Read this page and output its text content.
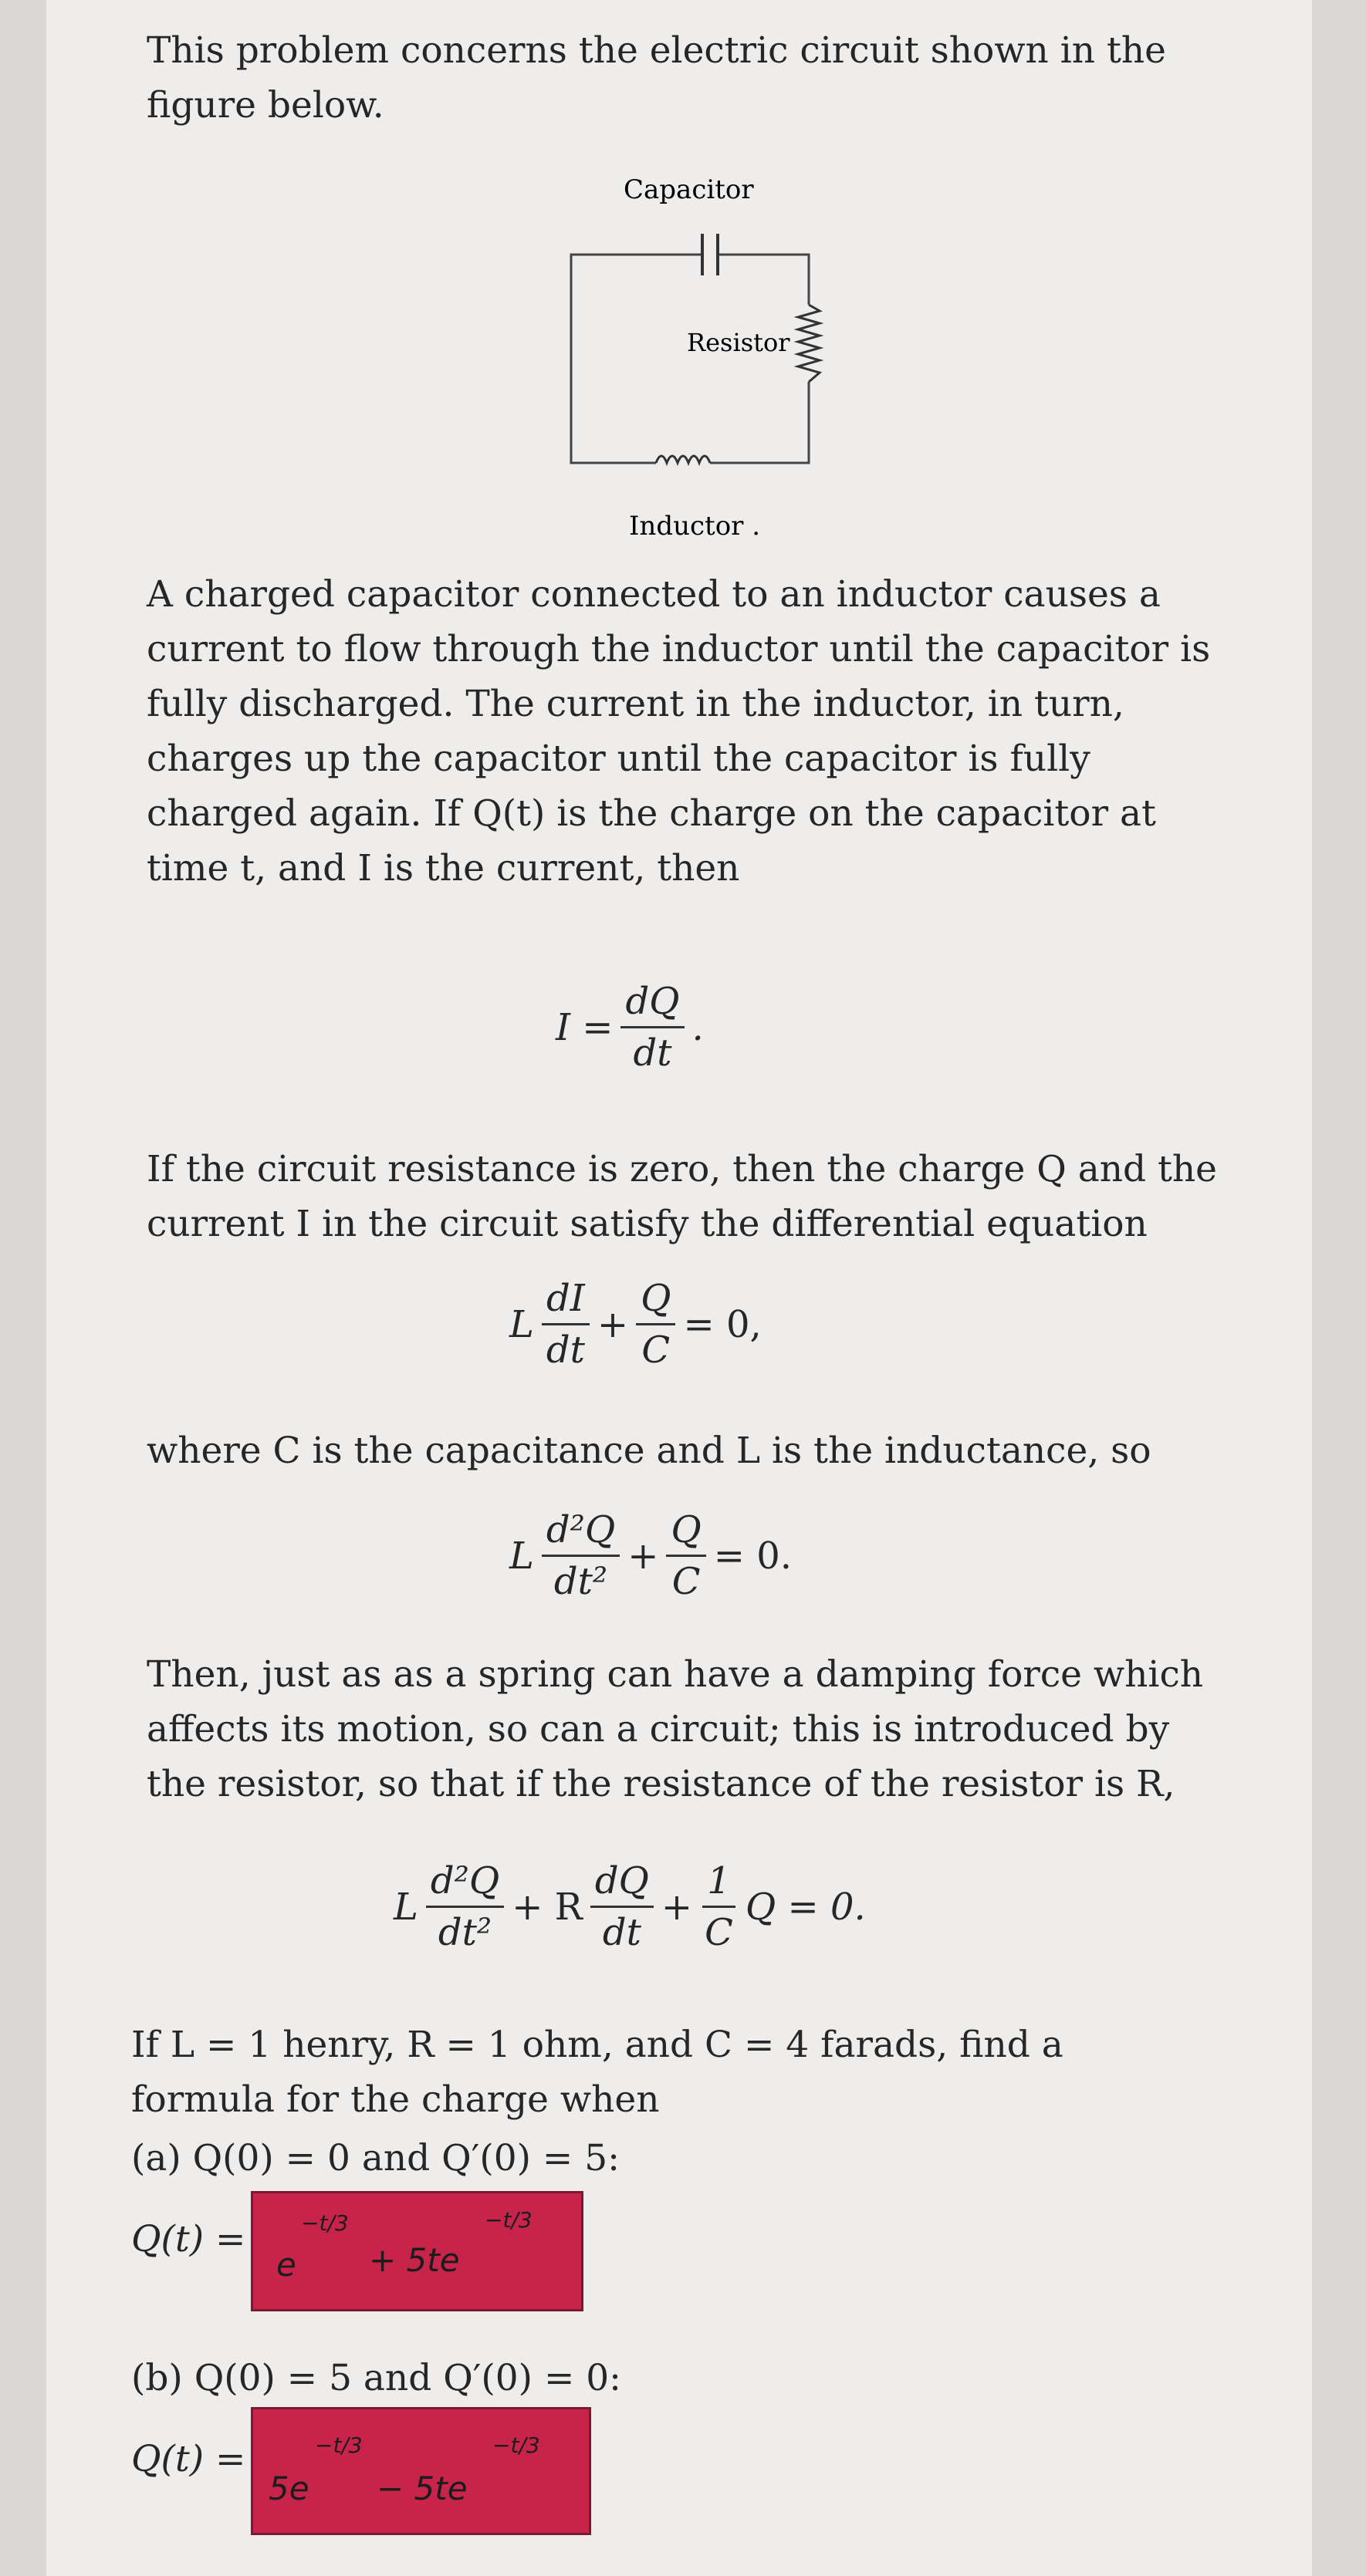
This problem concerns the electric circuit shown in the figure below.

Capacitor
Resistor
Inductor .

A charged capacitor connected to an inductor causes a current to flow through the inductor until the capacitor is fully discharged. The current in the inductor, in turn, charges up the capacitor until the capacitor is fully charged again. If Q(t) is the charge on the capacitor at time t, and I is the current, then

$I = \frac{dQ}{dt}$ .

If the circuit resistance is zero, then the charge Q and the current I in the circuit satisfy the differential equation

L $\frac{dI}{dt} + \frac{Q}{C} = 0$,

where C is the capacitance and L is the inductance, so

L $\frac{\text{d²Q}}{\text{dt²}} + \frac{Q}{C} = 0$.

Then, just as as a spring can have a damping force which affects its motion, so can a circuit; this is introduced by the resistor, so that if the resistance of the resistor is R,

L $\frac{\text{d²Q}}{\text{dt²}} + R \frac{dQ}{dt} + \frac{1}{C}$ Q = 0.

If L = 1 henry, R = 1 ohm, and C = 4 farads, find a formula for the charge when

(a) Q(0) = 0 and Q′(0) = 5:
Q(t) =
e
−t/3
+ 5te
−t/3
(b) Q(0) = 5 and Q′(0) = 0:
Q(t) =
5e
−t/3
− 5te
−t/3
